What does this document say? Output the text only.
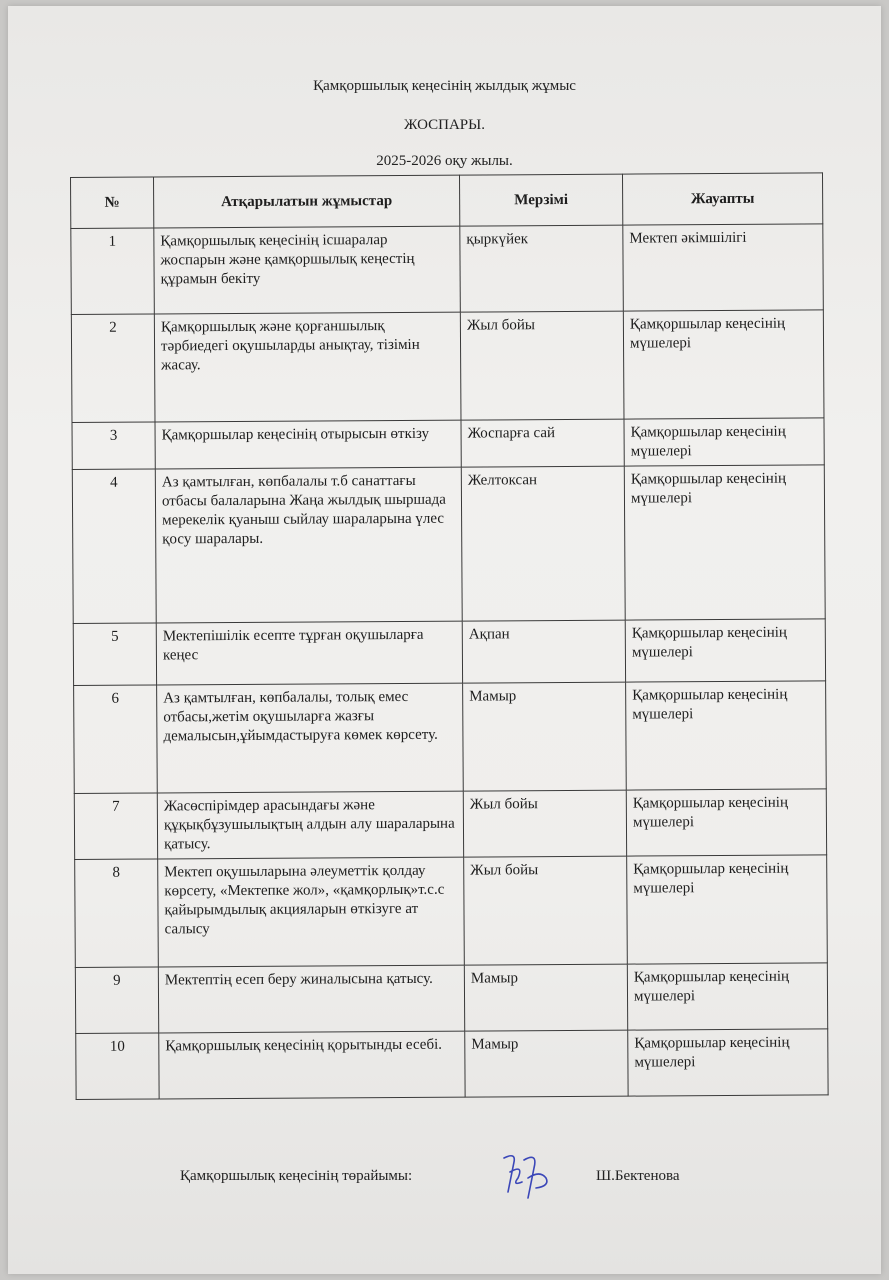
Қамқоршылық кеңесінің жылдық жұмыс
ЖОСПАРЫ.
2025-2026 оқу жылы.
№	Атқарылатын жұмыстар	Мерзімі	Жауапты
1	Қамқоршылық кеңесінің ісшаралар жоспарын және қамқоршылық кеңестің құрамын бекіту	қыркүйек	Мектеп әкімшілігі
2	Қамқоршылық және қорғаншылық тәрбиедегі оқушыларды анықтау, тізімін жасау.	Жыл бойы	Қамқоршылар кеңесінің мүшелері
3	Қамқоршылар кеңесінің отырысын өткізу	Жоспарға сай	Қамқоршылар кеңесінің мүшелері
4	Аз қамтылған, көпбалалы т.б санаттағы отбасы балаларына Жаңа жылдық шыршада мерекелік қуаныш сыйлау шараларына үлес қосу шаралары.	Желтоксан	Қамқоршылар кеңесінің мүшелері
5	Мектепішілік есепте тұрған оқушыларға кеңес	Ақпан	Қамқоршылар кеңесінің мүшелері
6	Аз қамтылған, көпбалалы, толық емес отбасы,жетім оқушыларға жазғы демалысын,ұйымдастыруға көмек көрсету.	Мамыр	Қамқоршылар кеңесінің мүшелері
7	Жасөспірімдер арасындағы және құқықбұзушылықтың алдын алу шараларына қатысу.	Жыл бойы	Қамқоршылар кеңесінің мүшелері
8	Мектеп оқушыларына әлеуметтік қолдау көрсету, «Мектепке жол», «қамқорлық»т.с.с қайырымдылық акцияларын өткізуге ат салысу	Жыл бойы	Қамқоршылар кеңесінің мүшелері
9	Мектептің есеп беру жиналысына қатысу.	Мамыр	Қамқоршылар кеңесінің мүшелері
10	Қамқоршылық кеңесінің қорытынды есебі.	Мамыр	Қамқоршылар кеңесінің мүшелері
Қамқоршылық кеңесінің төрайымы:	Ш.Бектенова
